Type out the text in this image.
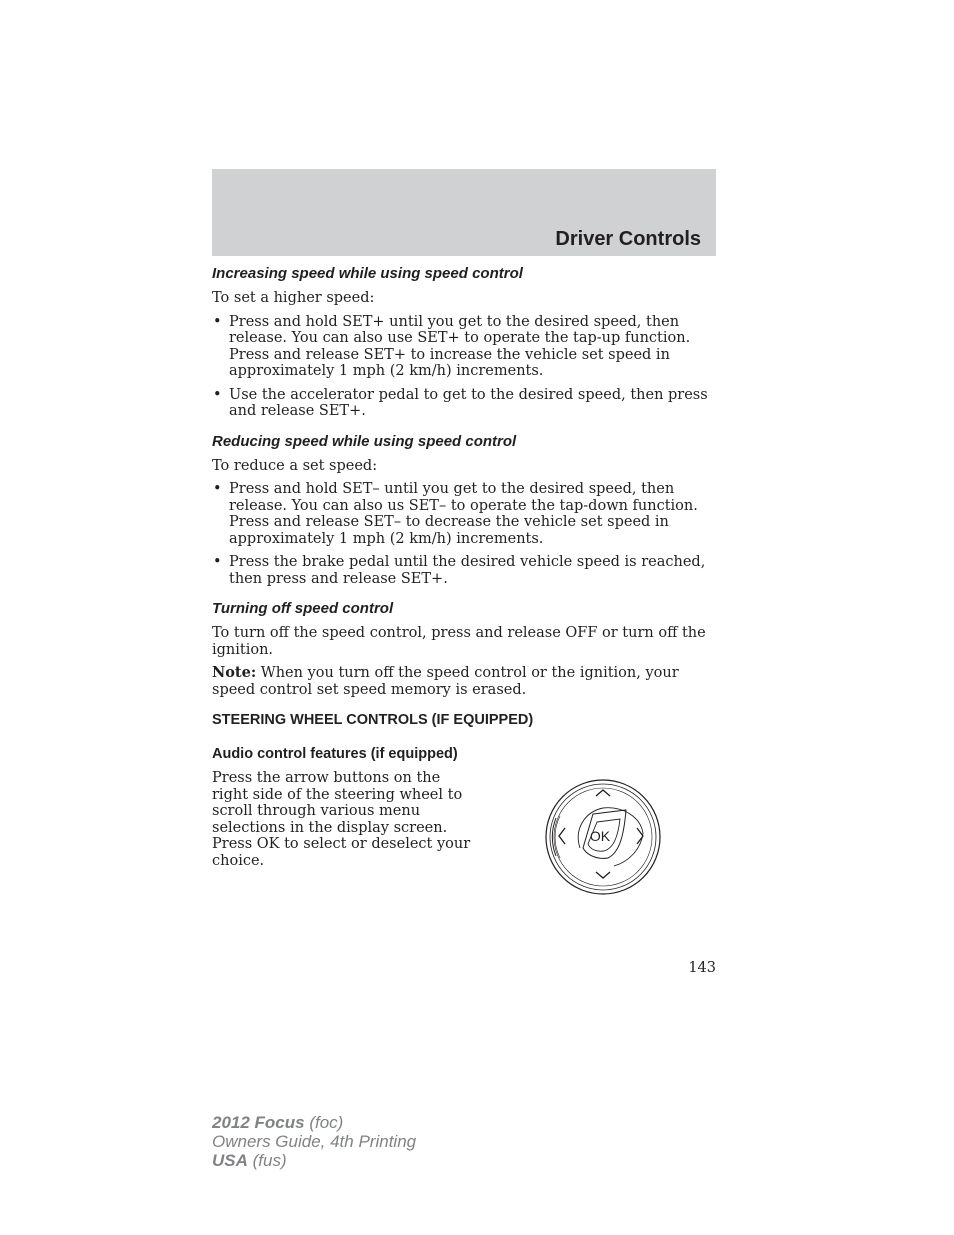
Driver Controls
Increasing speed while using speed control

To set a higher speed:

• Press and hold SET+ until you get to the desired speed, then release. You can also use SET+ to operate the tap-up function. Press and release SET+ to increase the vehicle set speed in approximately 1 mph (2 km/h) increments.
• Use the accelerator pedal to get to the desired speed, then press and release SET+.
Reducing speed while using speed control

To reduce a set speed:

• Press and hold SET– until you get to the desired speed, then release. You can also us SET– to operate the tap-down function. Press and release SET– to decrease the vehicle set speed in approximately 1 mph (2 km/h) increments.
• Press the brake pedal until the desired vehicle speed is reached, then press and release SET+.
Turning off speed control

To turn off the speed control, press and release OFF or turn off the ignition.

Note: When you turn off the speed control or the ignition, your speed control set speed memory is erased.

STEERING WHEEL CONTROLS (IF EQUIPPED)
Audio control features (if equipped)

Press the arrow buttons on the right side of the steering wheel to scroll through various menu selections in the display screen. Press OK to select or deselect your choice.

OK
143
2012 Focus (foc)
Owners Guide, 4th Printing
USA (fus)
